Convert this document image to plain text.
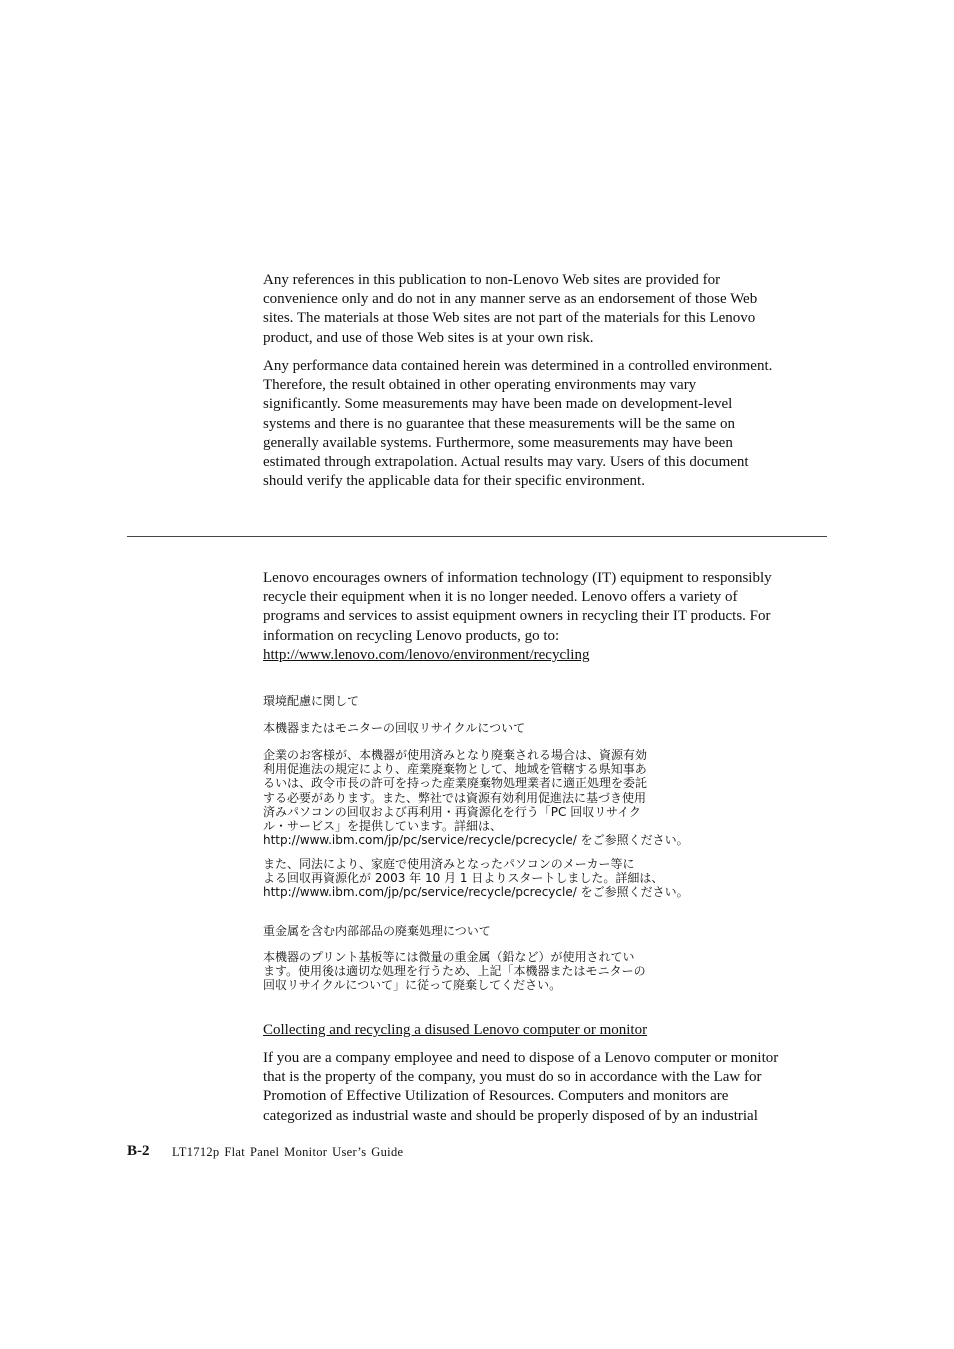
Any references in this publication to non-Lenovo Web sites are provided for
convenience only and do not in any manner serve as an endorsement of those Web
sites. The materials at those Web sites are not part of the materials for this Lenovo
product, and use of those Web sites is at your own risk.

Any performance data contained herein was determined in a controlled environment.
Therefore, the result obtained in other operating environments may vary
significantly. Some measurements may have been made on development-level
systems and there is no guarantee that these measurements will be the same on
generally available systems. Furthermore, some measurements may have been
estimated through extrapolation. Actual results may vary. Users of this document
should verify the applicable data for their specific environment.

Lenovo encourages owners of information technology (IT) equipment to responsibly
recycle their equipment when it is no longer needed. Lenovo offers a variety of
programs and services to assist equipment owners in recycling their IT products. For
information on recycling Lenovo products, go to:
http://www.lenovo.com/lenovo/environment/recycling

環境配慮に関して

本機器またはモニターの回収リサイクルについて

企業のお客様が、本機器が使用済みとなり廃棄される場合は、資源有効
利用促進法の規定により、産業廃棄物として、地域を管轄する県知事あ
るいは、政令市長の許可を持った産業廃棄物処理業者に適正処理を委託
する必要があります。また、弊社では資源有効利用促進法に基づき使用
済みパソコンの回収および再利用・再資源化を行う「PC 回収リサイク
ル・サービス」を提供しています。詳細は、
http://www.ibm.com/jp/pc/service/recycle/pcrecycle/ をご参照ください。

また、同法により、家庭で使用済みとなったパソコンのメーカー等に
よる回収再資源化が 2003 年 10 月 1 日よりスタートしました。詳細は、
http://www.ibm.com/jp/pc/service/recycle/pcrecycle/ をご参照ください。

重金属を含む内部部品の廃棄処理について

本機器のプリント基板等には微量の重金属（鉛など）が使用されてい
ます。使用後は適切な処理を行うため、上記「本機器またはモニターの
回収リサイクルについて」に従って廃棄してください。

Collecting and recycling a disused Lenovo computer or monitor

If you are a company employee and need to dispose of a Lenovo computer or monitor
that is the property of the company, you must do so in accordance with the Law for
Promotion of Effective Utilization of Resources. Computers and monitors are
categorized as industrial waste and should be properly disposed of by an industrial

B-2 LT1712p Flat Panel Monitor User’s Guide
